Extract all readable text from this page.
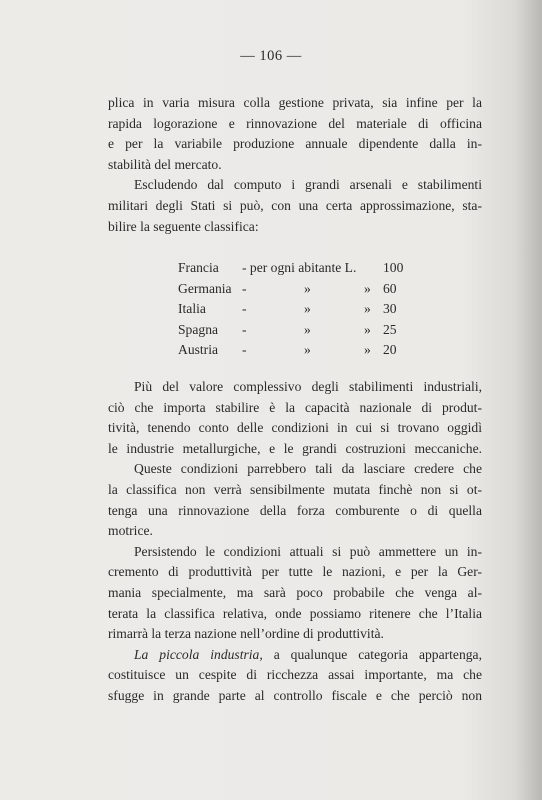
— 106 —
plica in varia misura colla gestione privata, sia infine per la
rapida logorazione e rinnovazione del materiale di officina
e per la variabile produzione annuale dipendente dalla in-
stabilità del mercato.
Escludendo dal computo i grandi arsenali e stabilimenti
militari degli Stati si può, con una certa approssimazione, sta-
bilire la seguente classifica:
Francia - per ogni abitante L. 100
Germania -	»	» 60
Italia	-	»	» 30
Spagna -	»	» 25
Austria -	»	» 20
Più del valore complessivo degli stabilimenti industriali,
ciò che importa stabilire è la capacità nazionale di produt-
tività, tenendo conto delle condizioni in cui si trovano oggidì
le industrie metallurgiche, e le grandi costruzioni meccaniche.
Queste condizioni parrebbero tali da lasciare credere che
la classifica non verrà sensibilmente mutata finchè non si ot-
tenga una rinnovazione della forza comburente o di quella
motrice.
Persistendo le condizioni attuali si può ammettere un in-
cremento di produttività per tutte le nazioni, e per la Ger-
mania specialmente, ma sarà poco probabile che venga al-
terata la classifica relativa, onde possiamo ritenere che l’Italia
rimarrà la terza nazione nell’ordine di produttività.
La piccola industria, a qualunque categoria appartenga,
costituisce un cespite di ricchezza assai importante, ma che
sfugge in grande parte al controllo fiscale e che perciò non
